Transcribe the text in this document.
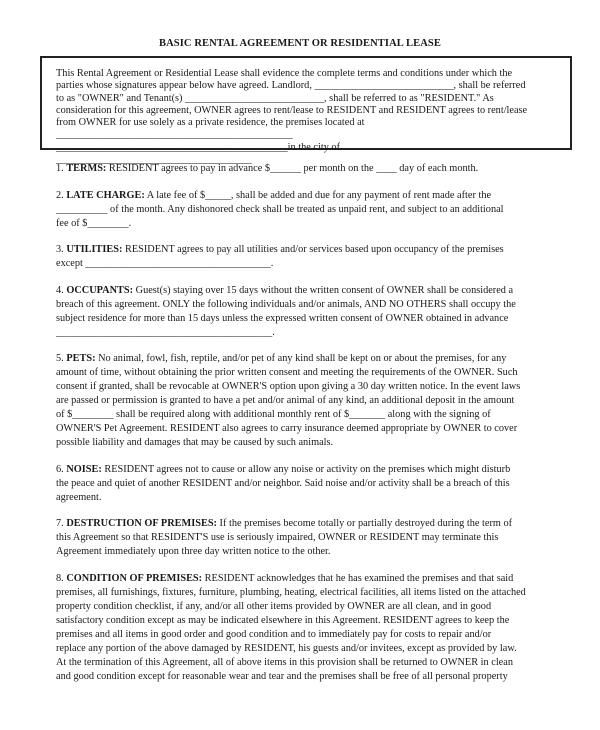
BASIC RENTAL AGREEMENT OR RESIDENTIAL LEASE

This Rental Agreement or Residential Lease shall evidence the complete terms and conditions under which the
parties whose signatures appear below have agreed. Landlord, ___________________________, shall be referred
to as "OWNER" and Tenant(s) ___________________________, shall be referred to as "RESIDENT." As
consideration for this agreement, OWNER agrees to rent/lease to RESIDENT and RESIDENT agrees to rent/lease
from OWNER for use solely as a private residence, the premises located at
______________________________________________
_____________________________________________in the city of
______________________________________

1. TERMS: RESIDENT agrees to pay in advance $______ per month on the ____ day of each month.

2. LATE CHARGE: A late fee of $_____, shall be added and due for any payment of rent made after the
__________ of the month. Any dishonored check shall be treated as unpaid rent, and subject to an additional
fee of $________.

3. UTILITIES: RESIDENT agrees to pay all utilities and/or services based upon occupancy of the premises
except ____________________________________.

4. OCCUPANTS: Guest(s) staying over 15 days without the written consent of OWNER shall be considered a
breach of this agreement. ONLY the following individuals and/or animals, AND NO OTHERS shall occupy the
subject residence for more than 15 days unless the expressed written consent of OWNER obtained in advance
__________________________________________.

5. PETS: No animal, fowl, fish, reptile, and/or pet of any kind shall be kept on or about the premises, for any
amount of time, without obtaining the prior written consent and meeting the requirements of the OWNER. Such
consent if granted, shall be revocable at OWNER'S option upon giving a 30 day written notice. In the event laws
are passed or permission is granted to have a pet and/or animal of any kind, an additional deposit in the amount
of $________ shall be required along with additional monthly rent of $_______ along with the signing of
OWNER'S Pet Agreement. RESIDENT also agrees to carry insurance deemed appropriate by OWNER to cover
possible liability and damages that may be caused by such animals.

6. NOISE: RESIDENT agrees not to cause or allow any noise or activity on the premises which might disturb
the peace and quiet of another RESIDENT and/or neighbor. Said noise and/or activity shall be a breach of this
agreement.

7. DESTRUCTION OF PREMISES: If the premises become totally or partially destroyed during the term of
this Agreement so that RESIDENT'S use is seriously impaired, OWNER or RESIDENT may terminate this
Agreement immediately upon three day written notice to the other.

8. CONDITION OF PREMISES: RESIDENT acknowledges that he has examined the premises and that said
premises, all furnishings, fixtures, furniture, plumbing, heating, electrical facilities, all items listed on the attached
property condition checklist, if any, and/or all other items provided by OWNER are all clean, and in good
satisfactory condition except as may be indicated elsewhere in this Agreement. RESIDENT agrees to keep the
premises and all items in good order and good condition and to immediately pay for costs to repair and/or
replace any portion of the above damaged by RESIDENT, his guests and/or invitees, except as provided by law.
At the termination of this Agreement, all of above items in this provision shall be returned to OWNER in clean
and good condition except for reasonable wear and tear and the premises shall be free of all personal property
